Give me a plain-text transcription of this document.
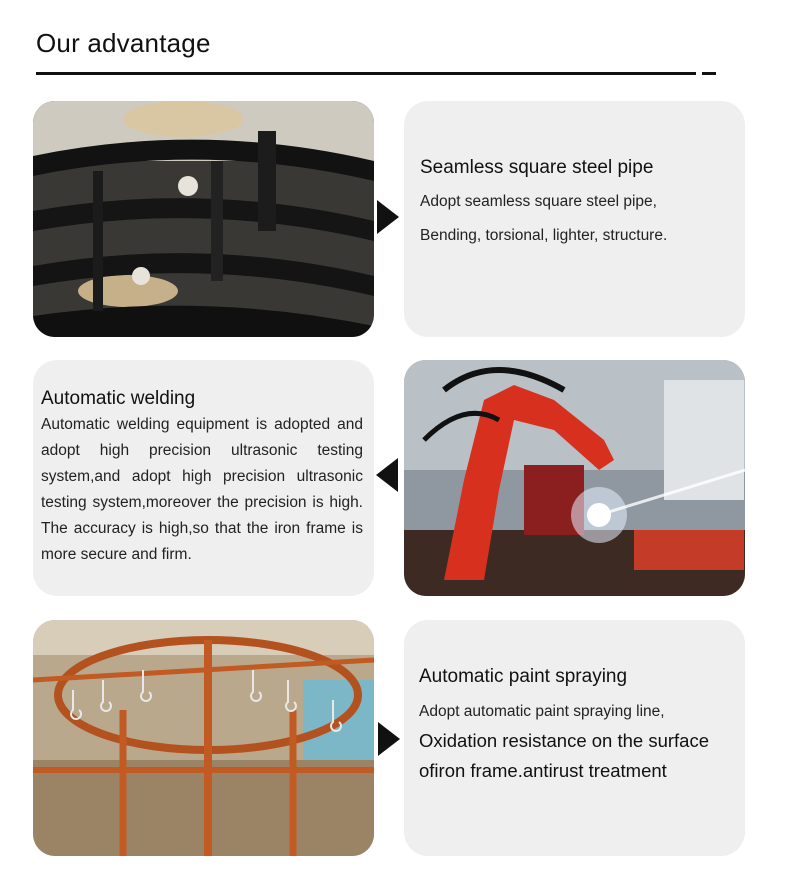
Our advantage
Seamless square steel pipe
Adopt seamless square steel pipe,
Bending, torsional, lighter, structure.
Automatic welding
Automatic welding equipment is adopted and adopt high precision ultrasonic testing system,and adopt high precision ultrasonic testing system,moreover the precision is high. The accuracy is high,so that the iron frame is more secure and firm.
Automatic paint spraying
Adopt automatic paint spraying line,
Oxidation resistance on the surface
ofiron frame.antirust treatment
